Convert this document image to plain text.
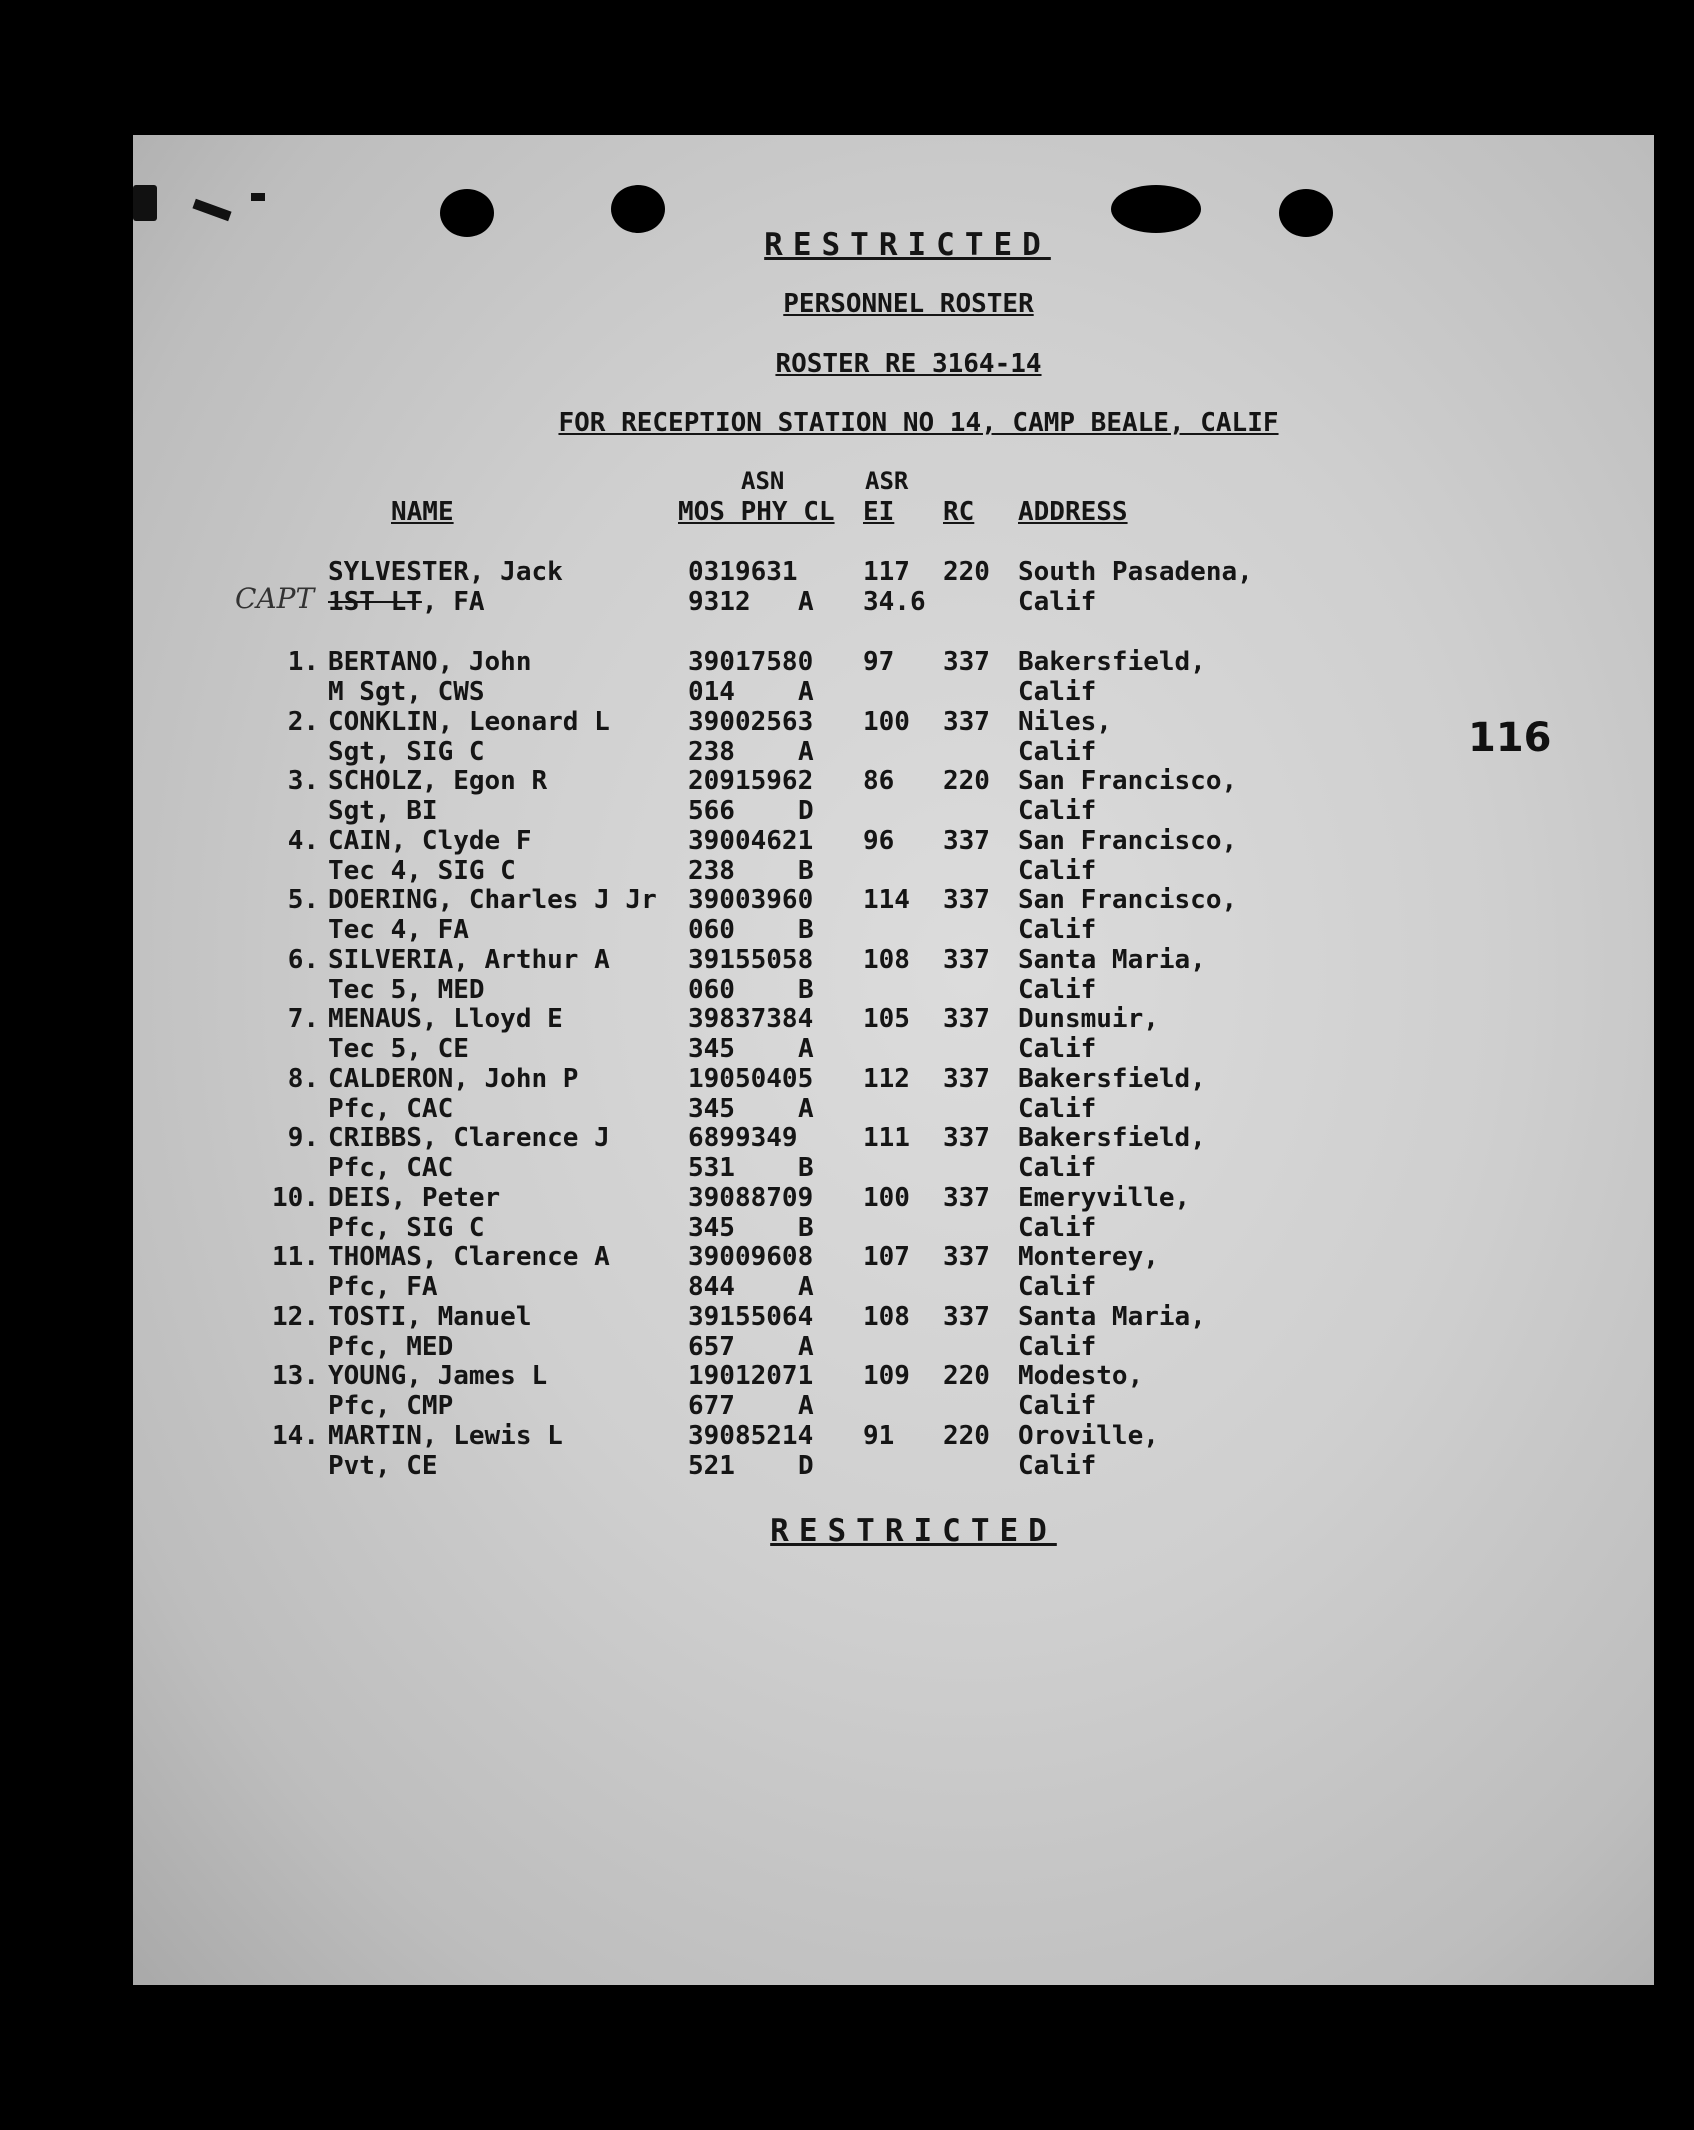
RESTRICTED
PERSONNEL ROSTER
ROSTER RE 3164-14
FOR RECEPTION STATION NO 14, CAMP BEALE, CALIF
ASN	ASR
NAME	MOS PHY CL EI RC ADDRESS
CAPT
SYLVESTER, Jack
1ST LT, FA
0319631
9312 A
117
34.6
220 South Pasadena,
Calif
1. BERTANO, John
M Sgt, CWS
39017580
014 A
97 337 Bakersfield,
Calif
2. CONKLIN, Leonard L
Sgt, SIG C
39002563
238 A
100 337 Niles,
Calif
3. SCHOLZ, Egon R
Sgt, BI
20915962
566 D
86 220 San Francisco,
Calif
4. CAIN, Clyde F
Tec 4, SIG C
39004621
238 B
96 337 San Francisco,
Calif
5. DOERING, Charles J Jr
Tec 4, FA
39003960
060 B
114 337 San Francisco,
Calif
6. SILVERIA, Arthur A
Tec 5, MED
39155058
060 B
108 337 Santa Maria,
Calif
7. MENAUS, Lloyd E
Tec 5, CE
39837384
345 A
105 337 Dunsmuir,
Calif
8. CALDERON, John P
Pfc, CAC
19050405
345 A
112 337 Bakersfield,
Calif
9. CRIBBS, Clarence J
Pfc, CAC
6899349
531 B
111 337 Bakersfield,
Calif
10. DEIS, Peter
Pfc, SIG C
39088709
345 B
100 337 Emeryville,
Calif
11. THOMAS, Clarence A
Pfc, FA
39009608
844 A
107 337 Monterey,
Calif
12. TOSTI, Manuel
Pfc, MED
39155064
657 A
108 337 Santa Maria,
Calif
13. YOUNG, James L
Pfc, CMP
19012071
677 A
109 220 Modesto,
Calif
14. MARTIN, Lewis L
Pvt, CE
39085214
521 D
91 220 Oroville,
Calif
RESTRICTED
116
